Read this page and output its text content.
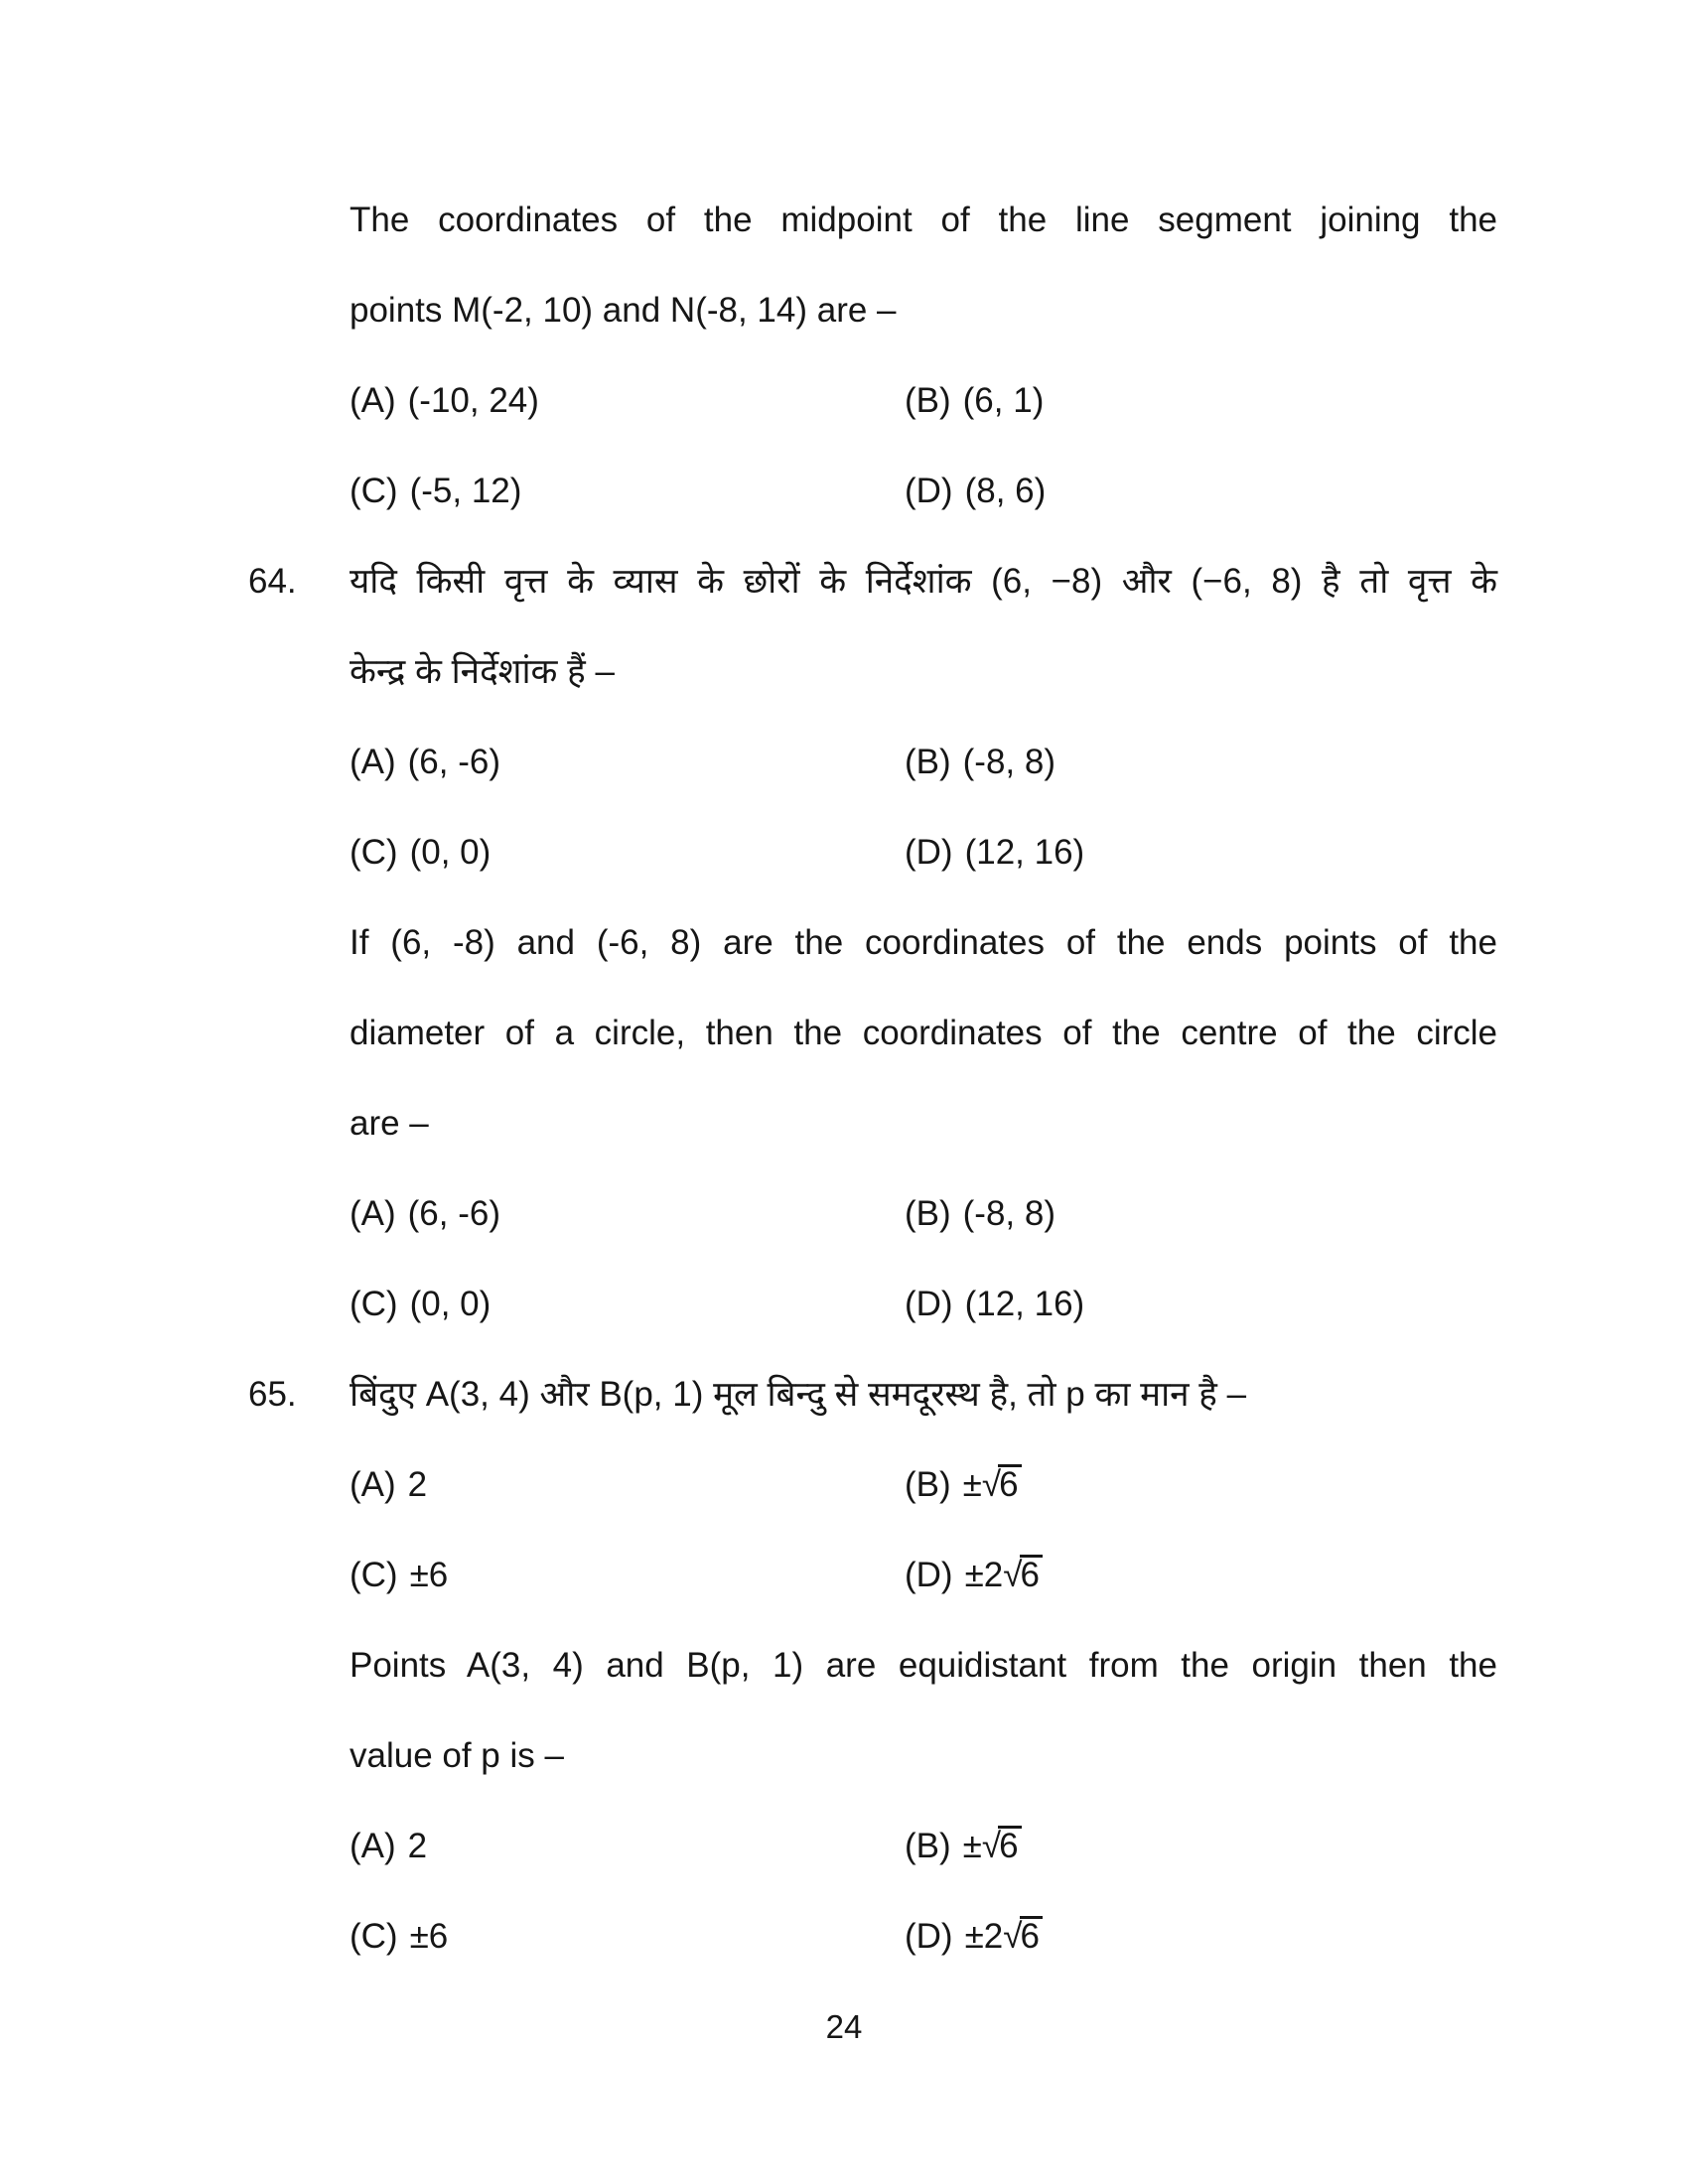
The coordinates of the midpoint of the line segment joining the
points M(-2, 10) and N(-8, 14) are –
(A) (-10, 24)	(B) (6, 1)
(C) (-5, 12)	(D) (8, 6)
64. यदि किसी वृत्त के व्यास के छोरों के निर्देशांक (6, −8) और (−6, 8) है तो वृत्त के
केन्द्र के निर्देशांक हैं –
(A) (6, -6)	(B) (-8, 8)
(C) (0, 0)	(D) (12, 16)
If (6, -8) and (-6, 8) are the coordinates of the ends points of the
diameter of a circle, then the coordinates of the centre of the circle
are –
(A) (6, -6)	(B) (-8, 8)
(C) (0, 0)	(D) (12, 16)
65. बिंदुए A(3, 4) और B(p, 1) मूल बिन्दु से समदूरस्थ है, तो p का मान है –
(A) 2	(B) ±√6
(C) ±6	(D) ±2√6
Points A(3, 4) and B(p, 1) are equidistant from the origin then the
value of p is –
(A) 2	(B) ±√6
(C) ±6	(D) ±2√6
24
